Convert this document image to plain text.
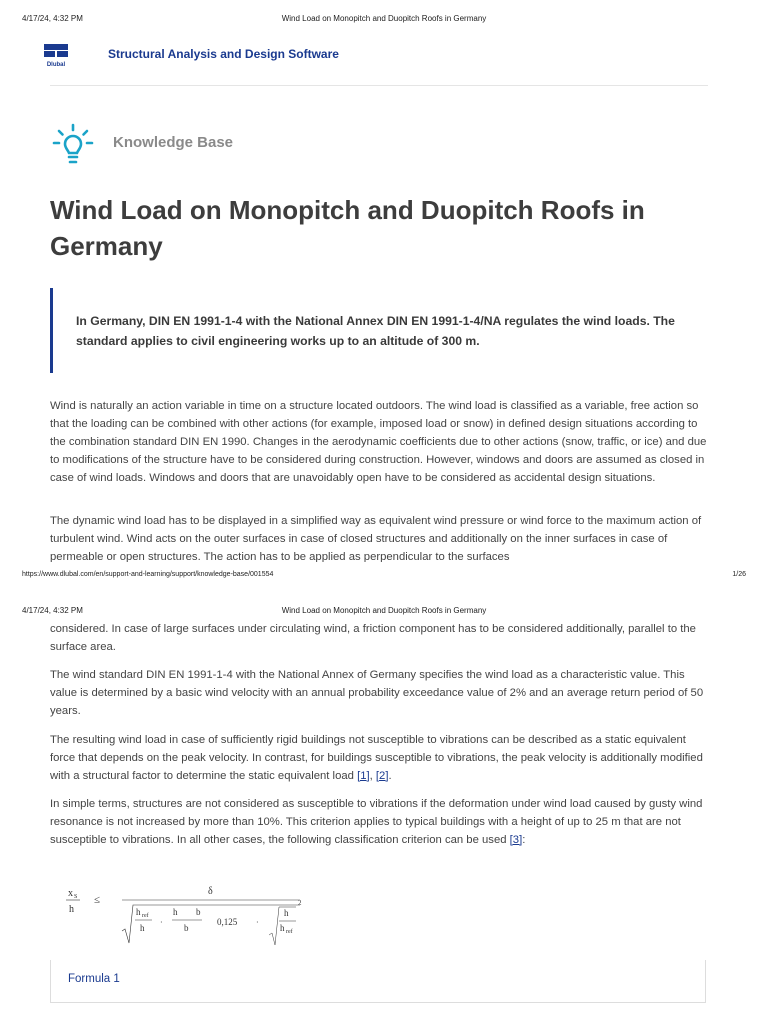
4/17/24, 4:32 PM	Wind Load on Monopitch and Duopitch Roofs in Germany
Dlubal
Structural Analysis and Design Software
Knowledge Base
Wind Load on Monopitch and Duopitch Roofs in Germany
In Germany, DIN EN 1991-1-4 with the National Annex DIN EN 1991-1-4/NA regulates the wind loads. The standard applies to civil engineering works up to an altitude of 300 m.

Wind is naturally an action variable in time on a structure located outdoors. The wind load is classified as a variable, free action so that the loading can be combined with other actions (for example, imposed load or snow) in defined design situations according to the combination standard DIN EN 1990. Changes in the aerodynamic coefficients due to other actions (snow, traffic, or ice) and due to modifications of the structure have to be considered during construction. However, windows and doors are assumed as closed in case of wind loads. Windows and doors that are unavoidably open have to be considered as accidental design situations.

The dynamic wind load has to be displayed in a simplified way as equivalent wind pressure or wind force to the maximum action of turbulent wind. Wind acts on the outer surfaces in case of closed structures and additionally on the inner surfaces in case of permeable or open structures. The action has to be applied as perpendicular to the surfaces

https://www.dlubal.com/en/support-and-learning/support/knowledge-base/001554	1/26
4/17/24, 4:32 PM	Wind Load on Monopitch and Duopitch Roofs in Germany

considered. In case of large surfaces under circulating wind, a friction component has to be considered additionally, parallel to the surface area.

The wind standard DIN EN 1991-1-4 with the National Annex of Germany specifies the wind load as a characteristic value. This value is determined by a basic wind velocity with an annual probability exceedance value of 2% and an average return period of 50 years.

The resulting wind load in case of sufficiently rigid buildings not susceptible to vibrations can be described as a static equivalent force that depends on the peak velocity. In contrast, for buildings susceptible to vibrations, the peak velocity is additionally modified with a structural factor to determine the static equivalent load [1], [2].

In simple terms, structures are not considered as susceptible to vibrations if the deformation under wind load caused by gusty wind resonance is not increased by more than 10%. This criterion applies to typical buildings with a height of up to 25 m that are not susceptible to vibrations. In all other cases, the following classification criterion can be used [3]:

x S
h
≤
δ
h ref
h
·
h b
b
0,125 ·
h
h ref
2
Formula 1
